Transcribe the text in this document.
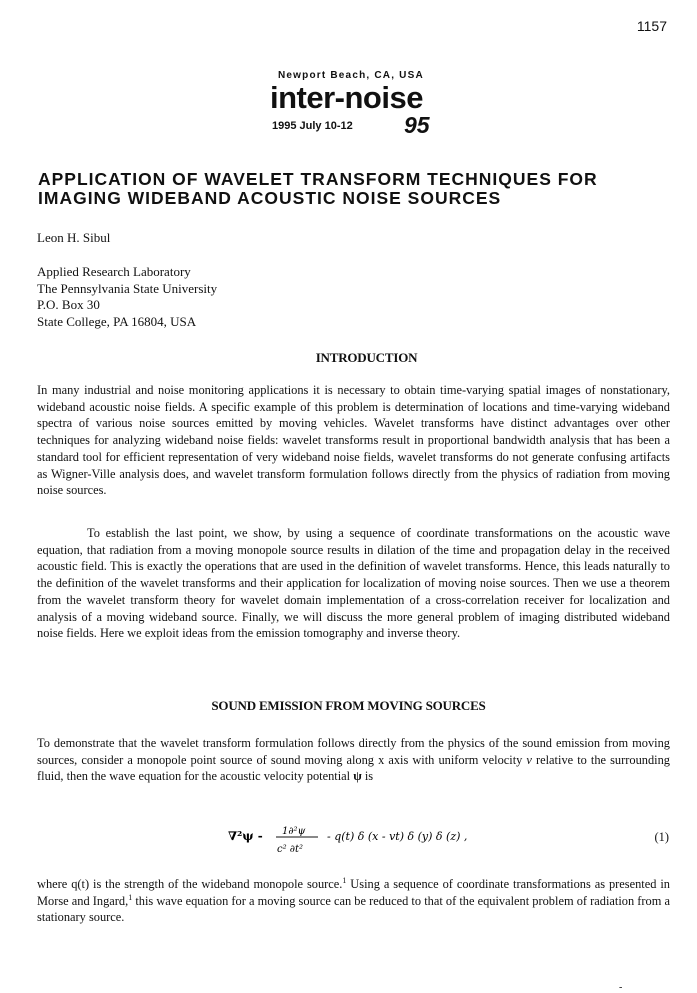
1157
Newport Beach, CA, USA
inter-noise
1995 July 10-12 95
APPLICATION OF WAVELET TRANSFORM TECHNIQUES FOR
IMAGING WIDEBAND ACOUSTIC NOISE SOURCES
Leon H. Sibul
Applied Research Laboratory
The Pennsylvania State University
P.O. Box 30
State College, PA 16804, USA
INTRODUCTION

In many industrial and noise monitoring applications it is necessary to obtain time-varying spatial images of nonstationary, wideband acoustic noise fields. A specific example of this problem is determination of locations and time-varying wideband spectra of various noise sources emitted by moving vehicles. Wavelet transforms have distinct advantages over other techniques for analyzing wideband noise fields: wavelet transforms result in proportional bandwidth analysis that has been a standard tool for efficient representation of very wideband noise fields, wavelet transforms do not generate confusing artifacts as Wigner-Ville analysis does, and wavelet transform formulation follows directly from the physics of radiation from moving noise sources.

To establish the last point, we show, by using a sequence of coordinate transformations on the acoustic wave equation, that radiation from a moving monopole source results in dilation of the time and propagation delay in the received acoustic field. This is exactly the operations that are used in the definition of wavelet transforms. Hence, this leads naturally to the definition of the wavelet transforms and their application for localization of moving noise sources. Then we use a theorem from the wavelet transform theory for wavelet domain implementation of a cross-correlation receiver for localization and analysis of a moving wideband source. Finally, we will discuss the more general problem of imaging distributed wideband noise fields. Here we exploit ideas from the emission tomography and inverse theory.

SOUND EMISSION FROM MOVING SOURCES

To demonstrate that the wavelet transform formulation follows directly from the physics of the sound emission from moving sources, consider a monopole point source of sound moving along x axis with uniform velocity v relative to the surrounding fluid, then the wave equation for the acoustic velocity potential ψ is

∇²ψ - 1∂²ψ
c² ∂t²
- q(t) δ (x - vt) δ (y) δ (z) ,	(1)

where q(t) is the strength of the wideband monopole source.$^1$ Using a sequence of coordinate transformations as presented in Morse and Ingard,$^1$ this wave equation for a moving source can be reduced to that of the equivalent problem of radiation from a stationary source.

-
